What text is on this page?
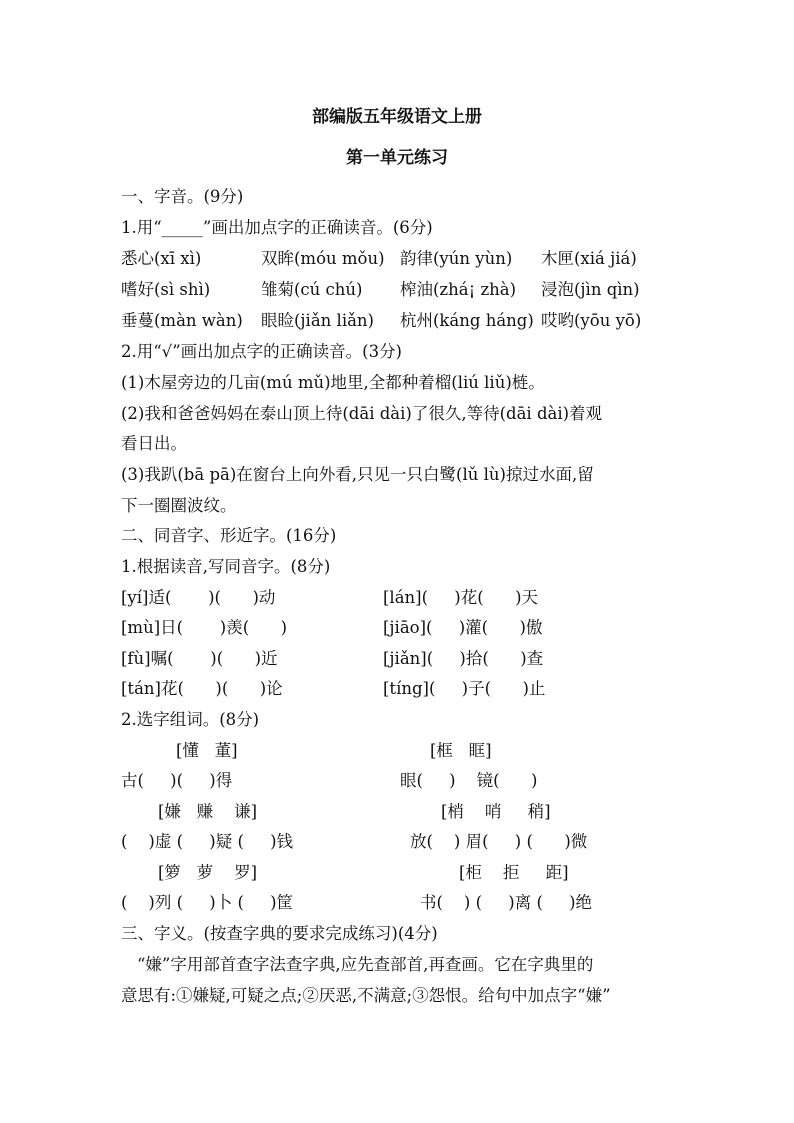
部编版五年级语文上册
第一单元练习
一、字音。(9分)
1.用“_____”画出加点字的正确读音。(6分)
悉心(xī xì)	双眸(móu mǒu) 韵律(yún yùn) 木匣(xiá jiá)
嗜好(sì shì)	雏菊(cú chú) 榨油(zhá¡ zhà) 浸泡(jìn qìn)
垂蔓(màn wàn) 眼睑(jiǎn liǎn) 杭州(káng háng) 哎哟(yōu yō)
2.用“√”画出加点字的正确读音。(3分)
(1)木屋旁边的几亩(mú mǔ)地里,全都种着榴(liú liǔ)梿。
(2)我和爸爸妈妈在泰山顶上待(dāi dài)了很久,等待(dāi dài)着观
看日出。
(3)我趴(bā pā)在窗台上向外看,只见一只白鹭(lǔ lù)掠过水面,留
下一圈圈波纹。
二、同音字、形近字。(16分)
1.根据读音,写同音字。(8分)
[yí]适(       )(      )动	[lán](     )花(      )天
[mù]日(       )羡(      )	[jiāo](     )灌(      )傲
[fù]嘱(       )(      )近	[jiǎn](     )拾(      )查
[tán]花(      )(      )论	[tíng](     )子(      )止
2.选字组词。(8分)
[懂   董]	[框   眶]
古(     )(     )得	眼(     )    镜(      )
[嫌   赚    谦]	[梢    哨     稍]
(    )虚 (     )疑 (     )钱	放(    ) 眉(     ) (      )微
[箩   萝    罗]	[柜    拒     距]
(    )列 (     )卜 (     )筐	书(    ) (     )离 (     )绝
三、字义。(按查字典的要求完成练习)(4分)
“嫌”字用部首查字法查字典,应先查部首,再查画。它在字典里的
意思有:①嫌疑,可疑之点;②厌恶,不满意;③怨恨。给句中加点字“嫌”
